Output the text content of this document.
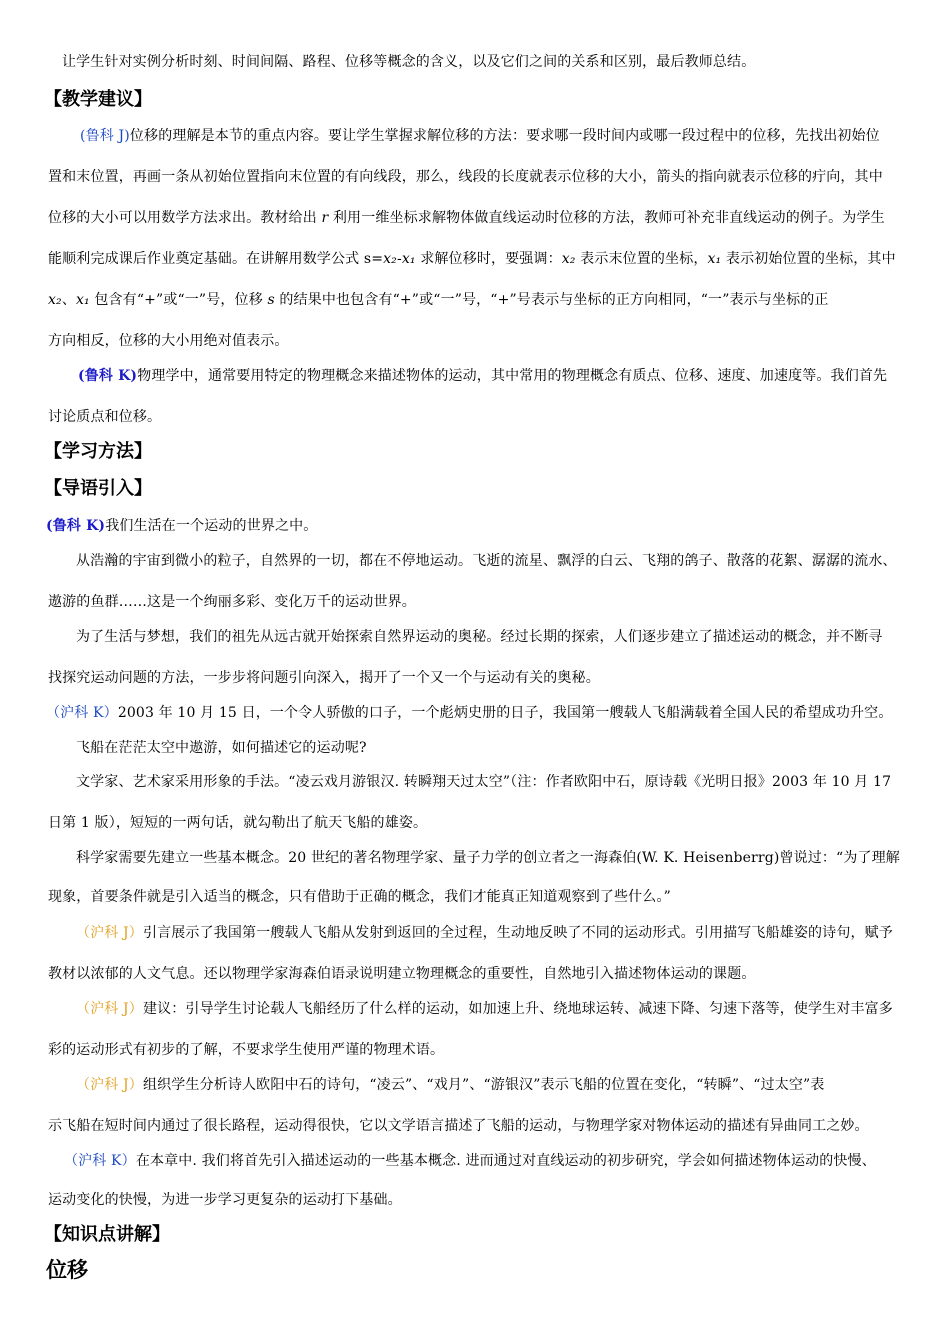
让学生针对实例分析时刻、时间间隔、路程、位移等概念的含义，以及它们之间的关系和区别，最后教师总结。
【教学建议】
(鲁科 J)位移的理解是本节的重点内容。要让学生掌握求解位移的方法：要求哪一段时间内或哪一段过程中的位移，先找出初始位
置和末位置，再画一条从初始位置指向末位置的有向线段，那么，线段的长度就表示位移的大小，箭头的指向就表示位移的疔向，其中
位移的大小可以用数学方法求出。教材给出 r 利用一维坐标求解物体做直线运动时位移的方法，教师可补充非直线运动的例子。为学生
能顺利完成课后作业奠定基础。在讲解用数学公式 s=x₂-x₁ 求解位移时，要强调：x₂ 表示末位置的坐标，x₁ 表示初始位置的坐标，其中
x₂、x₁ 包含有“+”或“一”号，位移 s 的结果中也包含有“+”或“一”号，“+”号表示与坐标的正方向相同，“一”表示与坐标的正
方向相反，位移的大小用绝对值表示。
(鲁科 K)物理学中，通常要用特定的物理概念来描述物体的运动，其中常用的物理概念有质点、位移、速度、加速度等。我们首先
讨论质点和位移。
【学习方法】
【导语引入】
(鲁科 K)我们生活在一个运动的世界之中。
从浩瀚的宇宙到微小的粒子，自然界的一切，都在不停地运动。飞逝的流星、飘浮的白云、飞翔的鸽子、散落的花絮、潺潺的流水、
遨游的鱼群……这是一个绚丽多彩、变化万千的运动世界。
为了生活与梦想，我们的祖先从远古就开始探索自然界运动的奥秘。经过长期的探索，人们逐步建立了描述运动的概念，并不断寻
找探究运动问题的方法，一步步将问题引向深入，揭开了一个又一个与运动有关的奥秘。
（沪科 K）2003 年 10 月 15 日，一个令人骄傲的口子，一个彪炳史册的日子，我国第一艘载人飞船满载着全国人民的希望成功升空。
飞船在茫茫太空中遨游，如何描述它的运动呢?
文学家、艺术家采用形象的手法。“凌云戏月游银汉. 转瞬翔天过太空”（注：作者欧阳中石，原诗载《光明日报》2003 年 10 月 17
日第 1 版），短短的一两句话，就勾勒出了航天飞船的雄姿。
科学家需要先建立一些基本概念。20 世纪的著名物理学家、量子力学的创立者之一海森伯(W. K. Heisenberrg)曾说过：“为了理解
现象，首要条件就是引入适当的概念，只有借助于正确的概念，我们才能真正知道观察到了些什么。”
（沪科 J）引言展示了我国第一艘载人飞船从发射到返回的全过程，生动地反映了不同的运动形式。引用描写飞船雄姿的诗句，赋予
教材以浓郁的人文气息。还以物理学家海森伯语录说明建立物理概念的重要性，自然地引入描述物体运动的课题。
（沪科 J）建议：引导学生讨论载人飞船经历了什么样的运动，如加速上升、绕地球运转、减速下降、匀速下落等，使学生对丰富多
彩的运动形式有初步的了解，不要求学生使用严谨的物理术语。
（沪科 J）组织学生分析诗人欧阳中石的诗句，“凌云”、“戏月”、“游银汉”表示飞船的位置在变化，“转瞬”、“过太空”表
示飞船在短时间内通过了很长路程，运动得很快，它以文学语言描述了飞船的运动，与物理学家对物体运动的描述有异曲同工之妙。
（沪科 K）在本章中. 我们将首先引入描述运动的一些基本概念. 进而通过对直线运动的初步研究，学会如何描述物体运动的快慢、
运动变化的快慢，为进一步学习更复杂的运动打下基础。
【知识点讲解】
位移
